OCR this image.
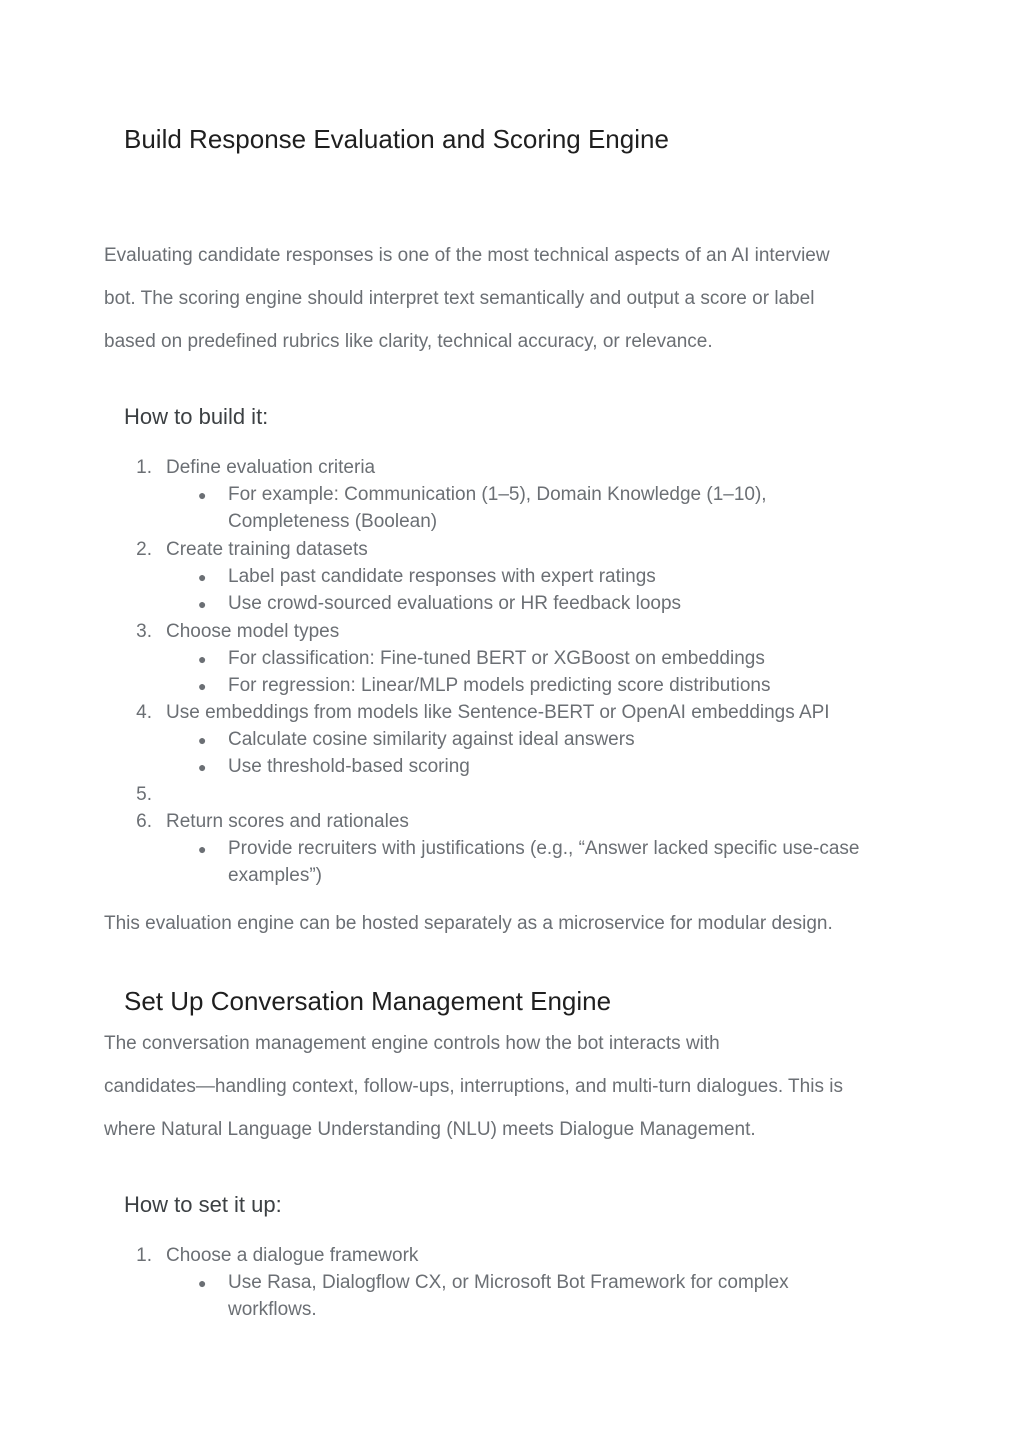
Build Response Evaluation and Scoring Engine
Evaluating candidate responses is one of the most technical aspects of an AI interview
bot. The scoring engine should interpret text semantically and output a score or label
based on predefined rubrics like clarity, technical accuracy, or relevance.
How to build it:
1. Define evaluation criteria
● For example: Communication (1–5), Domain Knowledge (1–10),
Completeness (Boolean)
2. Create training datasets
● Label past candidate responses with expert ratings
● Use crowd-sourced evaluations or HR feedback loops
3. Choose model types
● For classification: Fine-tuned BERT or XGBoost on embeddings
● For regression: Linear/MLP models predicting score distributions
4. Use embeddings from models like Sentence-BERT or OpenAI embeddings API
● Calculate cosine similarity against ideal answers
● Use threshold-based scoring
5.
6. Return scores and rationales
● Provide recruiters with justifications (e.g., “Answer lacked specific use-case
examples”)
This evaluation engine can be hosted separately as a microservice for modular design.
Set Up Conversation Management Engine
The conversation management engine controls how the bot interacts with
candidates—handling context, follow-ups, interruptions, and multi-turn dialogues. This is
where Natural Language Understanding (NLU) meets Dialogue Management.
How to set it up:
1. Choose a dialogue framework
● Use Rasa, Dialogflow CX, or Microsoft Bot Framework for complex
workflows.
